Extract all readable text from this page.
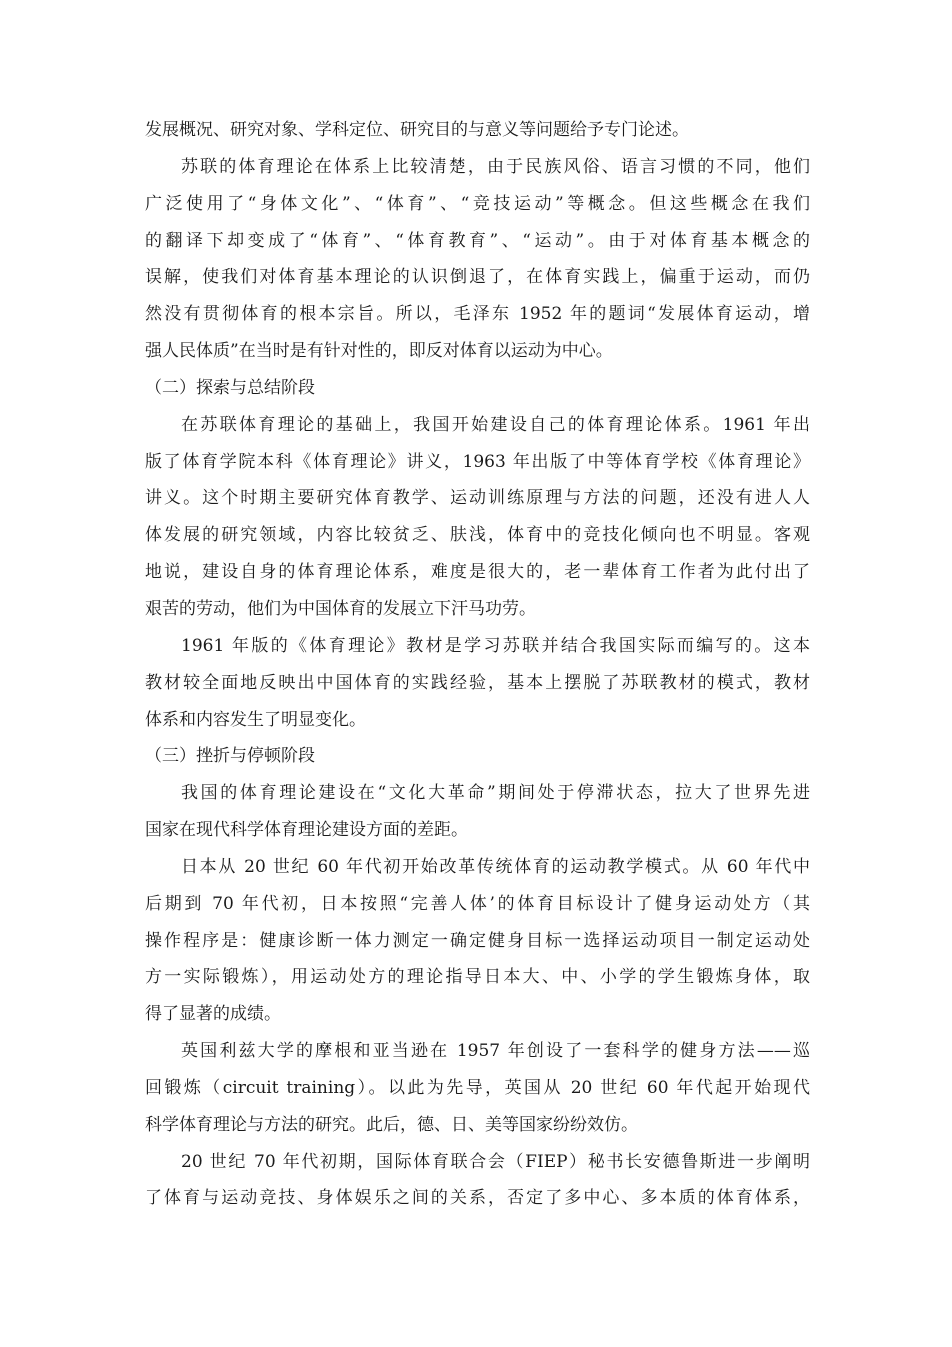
发展概况、研究对象、学科定位、研究目的与意义等问题给予专门论述。
苏联的体育理论在体系上比较清楚，由于民族风俗、语言习惯的不同，他们
广泛使用了“身体文化”、“体育”、“竞技运动”等概念。但这些概念在我们
的翻译下却变成了“体育”、“体育教育”、“运动”。由于对体育基本概念的
误解，使我们对体育基本理论的认识倒退了，在体育实践上，偏重于运动，而仍
然没有贯彻体育的根本宗旨。所以，毛泽东 1952 年的题词“发展体育运动，增
强人民体质”在当时是有针对性的，即反对体育以运动为中心。
（二）探索与总结阶段
在苏联体育理论的基础上，我国开始建设自己的体育理论体系。1961 年出
版了体育学院本科《体育理论》讲义，1963 年出版了中等体育学校《体育理论》
讲义。这个时期主要研究体育教学、运动训练原理与方法的问题，还没有进人人
体发展的研究领域，内容比较贫乏、肤浅，体育中的竞技化倾向也不明显。客观
地说，建设自身的体育理论体系，难度是很大的，老一辈体育工作者为此付出了
艰苦的劳动，他们为中国体育的发展立下汗马功劳。
1961 年版的《体育理论》教材是学习苏联并结合我国实际而编写的。这本
教材较全面地反映出中国体育的实践经验，基本上摆脱了苏联教材的模式，教材
体系和内容发生了明显变化。
（三）挫折与停顿阶段
我国的体育理论建设在“文化大革命”期间处于停滞状态，拉大了世界先进
国家在现代科学体育理论建设方面的差距。
日本从 20 世纪 60 年代初开始改革传统体育的运动教学模式。从 60 年代中
后期到 70 年代初，日本按照“完善人体’的体育目标设计了健身运动处方（其
操作程序是：健康诊断一体力测定一确定健身目标一选择运动项目一制定运动处
方一实际锻炼），用运动处方的理论指导日本大、中、小学的学生锻炼身体，取
得了显著的成绩。
英国利兹大学的摩根和亚当逊在 1957 年创设了一套科学的健身方法——巡
回锻炼（circuit training）。以此为先导，英国从 20 世纪 60 年代起开始现代
科学体育理论与方法的研究。此后，德、日、美等国家纷纷效仿。
20 世纪 70 年代初期，国际体育联合会（FIEP）秘书长安德鲁斯进一步阐明
了体育与运动竞技、身体娱乐之间的关系，否定了多中心、多本质的体育体系，
